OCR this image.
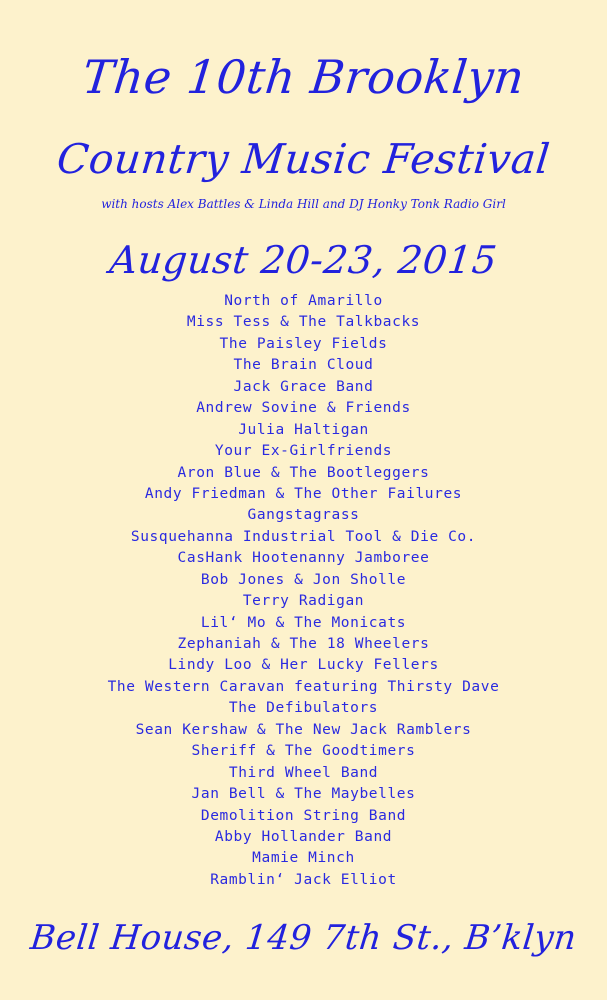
The 10th Brooklyn
Country Music Festival
with hosts Alex Battles & Linda Hill and DJ Honky Tonk Radio Girl
August 20-23, 2015
North of Amarillo
Miss Tess & The Talkbacks
The Paisley Fields
The Brain Cloud
Jack Grace Band
Andrew Sovine & Friends
Julia Haltigan
Your Ex-Girlfriends
Aron Blue & The Bootleggers
Andy Friedman & The Other Failures
Gangstagrass
Susquehanna Industrial Tool & Die Co.
CasHank Hootenanny Jamboree
Bob Jones & Jon Sholle
Terry Radigan
Lil‘ Mo & The Monicats
Zephaniah & The 18 Wheelers
Lindy Loo & Her Lucky Fellers
The Western Caravan featuring Thirsty Dave
The Defibulators
Sean Kershaw & The New Jack Ramblers
Sheriff & The Goodtimers
Third Wheel Band
Jan Bell & The Maybelles
Demolition String Band
Abby Hollander Band
Mamie Minch
Ramblin‘ Jack Elliot
Bell House, 149 7th St., B’klyn
